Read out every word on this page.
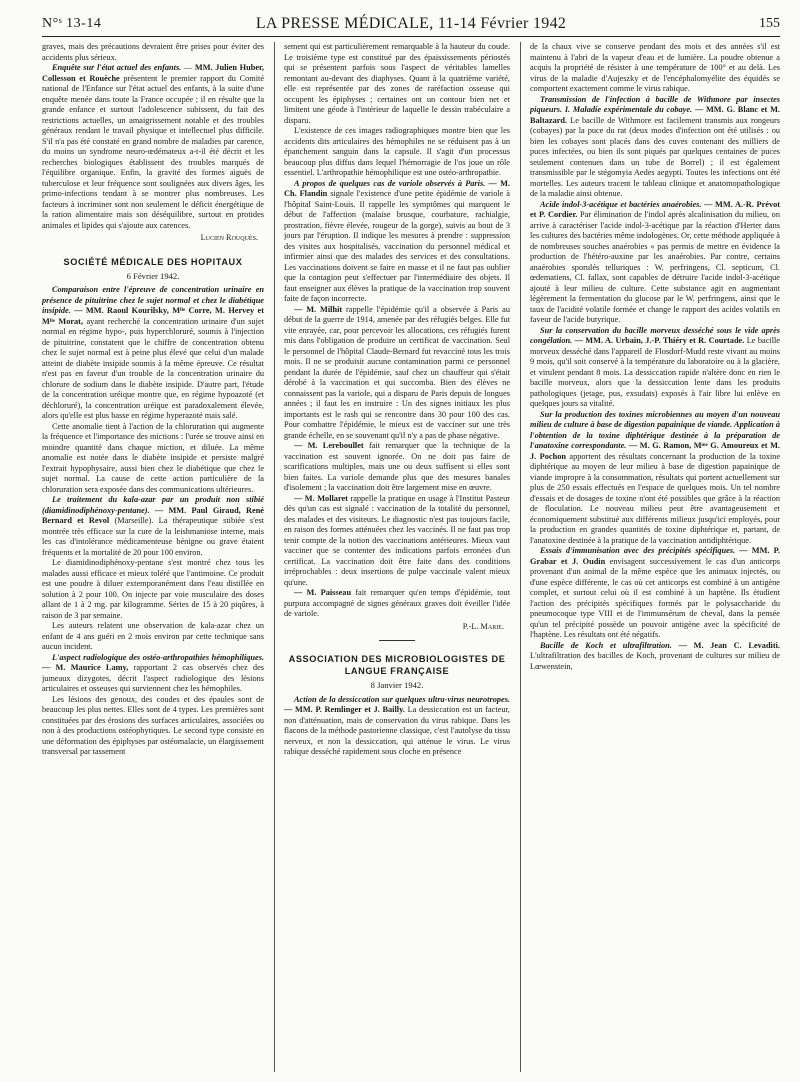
N°ˢ 13-14	LA PRESSE MÉDICALE, 11-14 Février 1942	155

graves, mais des précautions devraient être prises pour éviter des accidents plus sérieux.

Enquête sur l'état actuel des enfants. — MM. Julien Huber, Collesson et Rouèche présentent le premier rapport du Comité national de l'Enfance sur l'état actuel des enfants, à la suite d'une enquête menée dans toute la France occupée ; il en résulte que la grande enfance et surtout l'adolescence subissent, du fait des restrictions actuelles, un amaigrissement notable et des troubles généraux rendant le travail physique et intellectuel plus difficile. S'il n'a pas été constaté en grand nombre de maladies par carence, du moins un syndrome neuro-œdémateux a-t-il été décrit et les recherches biologiques établissent des troubles marqués de l'équilibre organique. Enfin, la gravité des formes aiguës de tuberculose et leur fréquence sont soulignées aux divers âges, les primo-infections tendant à se montrer plus nombreuses. Les facteurs à incriminer sont non seulement le déficit énergétique de la ration alimentaire mais son déséquilibre, surtout en protides animales et lipides qui s'ajoute aux carences.

Lucien Rouquès.

SOCIÉTÉ MÉDICALE DES HOPITAUX
6 Février 1942.

Comparaison entre l'épreuve de concentration urinaire en présence de pituitrine chez le sujet normal et chez le diabétique insipide. — MM. Raoul Kourilsky, Mˡˡᵉ Corre, M. Hervey et Mˡˡᵉ Morat, ayant recherché la concentration urinaire d'un sujet normal en régime hypo-, puis hyperchloruré, soumis à l'injection de pituitrine, constatent que le chiffre de concentration obtenu chez le sujet normal est à peine plus élevé que celui d'un malade atteint de diabète insipide soumis à la même épreuve. Ce résultat n'est pas en faveur d'un trouble de la concentration urinaire du chlorure de sodium dans le diabète insipide. D'autre part, l'étude de la concentration uréique montre que, en régime hypoazoté (et déchloruré), la concentration uréique est paradoxalement élevée, alors qu'elle est plus basse en régime hyperazoté mais salé.

Cette anomalie tient à l'action de la chloruration qui augmente la fréquence et l'importance des mictions : l'urée se trouve ainsi en moindre quantité dans chaque miction, et diluée. La même anomalie est notée dans le diabète insipide et persiste malgré l'extrait hypophysaire, aussi bien chez le diabétique que chez le sujet normal. La cause de cette action particulière de la chloruration sera exposée dans des communications ultérieures.

Le traitement du kala-azar par un produit non stibié (diamidinodiphénoxy-pentane). — MM. Paul Giraud, René Bernard et Revol (Marseille). La thérapeutique stibiée s'est montrée très efficace sur la cure de la leishmaniose interne, mais les cas d'intolérance médicamenteuse bénigne ou grave étaient fréquents et la mortalité de 20 pour 100 environ.

Le diamidinodiphénoxy-pentane s'est montré chez tous les malades aussi efficace et mieux toléré que l'antimoine. Ce produit est une poudre à diluer extemporanément dans l'eau distillée en solution à 2 pour 100. On injecte par voie musculaire des doses allant de 1 à 2 mg. par kilogramme. Séries de 15 à 20 piqûres, à raison de 3 par semaine.

Les auteurs relatent une observation de kala-azar chez un enfant de 4 ans guéri en 2 mois environ par cette technique sans aucun incident.

L'aspect radiologique des ostéo-arthropathies hémophiliques. — M. Maurice Lamy, rapportant 2 cas observés chez des jumeaux dizygotes, décrit l'aspect radiologique des lésions articulaires et osseuses qui surviennent chez les hémophiles.

Les lésions des genoux, des coudes et des épaules sont de beaucoup les plus nettes. Elles sont de 4 types. Les premières sont constituées par des érosions des surfaces articulaires, associées ou non à des productions ostéophytiques. Le second type consiste en une déformation des épiphyses par ostéomalacie, un élargissement transversal par tassement

sement qui est particulièrement remarquable à la hauteur du coude. Le troisième type est constitué par des épaississements périostés qui se présentent parfois sous l'aspect de véritables lamelles remontant au-devant des diaphyses. Quant à la quatrième variété, elle est représentée par des zones de raréfaction osseuse qui occupent les épiphyses ; certaines ont un contour bien net et limitent une géode à l'intérieur de laquelle le dessin trabéculaire a disparu.

L'existence de ces images radiographiques montre bien que les accidents dits articulaires des hémophiles ne se réduisent pas à un épanchement sanguin dans la capsule. Il s'agit d'un processus beaucoup plus diffus dans lequel l'hémorragie de l'os joue un rôle essentiel. L'arthropathie hémophilique est une ostéo-arthropathie.

A propos de quelques cas de variole observés à Paris. — M. Ch. Flandin signale l'existence d'une petite épidémie de variole à l'hôpital Saint-Louis. Il rappelle les symptômes qui marquent le début de l'affection (malaise brusque, courbature, rachialgie, prostration, fièvre élevée, rougeur de la gorge), suivis au bout de 3 jours par l'éruption. Il indique les mesures à prendre : suppression des visites aux hospitalisés, vaccination du personnel médical et infirmier ainsi que des malades des services et des consultations. Les vaccinations doivent se faire en masse et il ne faut pas oublier que la contagion peut s'effectuer par l'intermédiaire des objets. Il faut enseigner aux élèves la pratique de la vaccination trop souvent faite de façon incorrecte.

— M. Milhit rappelle l'épidémie qu'il a observée à Paris au début de la guerre de 1914, amenée par des réfugiés belges. Elle fut vite enrayée, car, pour percevoir les allocations, ces réfugiés furent mis dans l'obligation de produire un certificat de vaccination. Seul le personnel de l'hôpital Claude-Bernard fut revacciné tous les trois mois. Il ne se produisit aucune contamination parmi ce personnel pendant la durée de l'épidémie, sauf chez un chauffeur qui s'était dérobé à la vaccination et qui succomba. Bien des élèves ne connaissent pas la variole, qui a disparu de Paris depuis de longues années ; il faut les en instruire : Un des signes initiaux les plus importants est le rash qui se rencontre dans 30 pour 100 des cas. Pour combattre l'épidémie, le mieux est de vacciner sur une très grande échelle, en se souvenant qu'il n'y a pas de phase négative.

— M. Lereboullet fait remarquer que la technique de la vaccination est souvent ignorée. On ne doit pas faire de scarifications multiples, mais une ou deux suffisent si elles sont bien faites. La variole demande plus que des mesures banales d'isolement ; la vaccination doit être largement mise en œuvre.

— M. Mollaret rappelle la pratique en usage à l'Institut Pasteur dès qu'un cas est signalé : vaccination de la totalité du personnel, des malades et des visiteurs. Le diagnostic n'est pas toujours facile, en raison des formes atténuées chez les vaccinés. Il ne faut pas trop tenir compte de la notion des vaccinations antérieures. Mieux vaut vacciner que se contenter des indications parfois erronées d'un certificat. La vaccination doit être faite dans des conditions irréprochables : deux insertions de pulpe vaccinale valent mieux qu'une.

— M. Paisseau fait remarquer qu'en temps d'épidémie, tout purpura accompagné de signes généraux graves doit éveiller l'idée de variole.

P.-L. Marie.

ASSOCIATION DES MICROBIOLOGISTES DE LANGUE FRANÇAISE
8 Janvier 1942.

Action de la dessiccation sur quelques ultra-virus neurotropes. — MM. P. Remlinger et J. Bailly. La dessiccation est un facteur, non d'atténuation, mais de conservation du virus rabique. Dans les flacons de la méthode pastorienne classique, c'est l'autolyse du tissu nerveux, et non la dessiccation, qui atténue le virus. Le virus rabique desséché rapidement sous cloche en présence

de la chaux vive se conserve pendant des mois et des années s'il est maintenu à l'abri de la vapeur d'eau et de lumière. La poudre obtenue a acquis la propriété de résister à une température de 100° et au delà. Les virus de la maladie d'Aujeszky et de l'encéphalomyélite des équidés se comportent exactement comme le virus rabique.

Transmission de l'infection à bacille de Withmore par insectes piqueurs. I. Maladie expérimentale du cobaye. — MM. G. Blanc et M. Baltazard. Le bacille de Withmore est facilement transmis aux rongeurs (cobayes) par la puce du rat (deux modes d'infection ont été utilisés : ou bien les cobayes sont placés dans des cuves contenant des milliers de puces infectées, ou bien ils sont piqués par quelques centaines de puces seulement contenues dans un tube de Borrel) ; il est également transmissible par le stégomyia Aedes aegypti. Toutes les infections ont été mortelles. Les auteurs tracent le tableau clinique et anatomopathologique de la maladie ainsi obtenue.

Acide indol-3-acétique et bactéries anaérobies. — MM. A.-R. Prévot et P. Cordier. Par élimination de l'indol après alcalinisation du milieu, on arrive à caractériser l'acide indol-3-acétique par la réaction d'Herter dans les cultures des bactéries même indologènes. Or, cette méthode appliquée à de nombreuses souches anaérobies « pas permis de mettre en évidence la production de l'hétéro-auxine par les anaérobies. Par contre, certains anaérobies sporulés telluriques : W. perfringens, Cl. septicum, Cl. œdematiens, Cl. fallax, sont capables de détruire l'acide indol-3-acétique ajouté à leur milieu de culture. Cette substance agit en augmentant légèrement la fermentation du glucose par le W. perfringens, ainsi que le taux de l'acidité volatile formée et change le rapport des acides volatils en faveur de l'acide butyrique.

Sur la conservation du bacille morveux desséché sous le vide après congélation. — MM. A. Urbain, J.-P. Thiéry et R. Courtade. Le bacille morveux desséché dans l'appareil de Flosdorf-Mudd reste vivant au moins 9 mois, qu'il soit conservé à la température du laboratoire ou à la glacière, et virulent pendant 8 mois. La dessiccation rapide n'altère donc en rien le bacille morveux, alors que la dessiccation lente dans les produits pathologiques (jetage, pus, exsudats) exposés à l'air libre lui enlève en quelques jours sa vitalité.

Sur la production des toxines microbiennes au moyen d'un nouveau milieu de culture à base de digestion papainique de viande. Application à l'obtention de la toxine diphtérique destinée à la préparation de l'anatoxine correspondante. — M. G. Ramon, Mᵐᵉ G. Amoureux et M. J. Pochon apportent des résultats concernant la production de la toxine diphtérique au moyen de leur milieu à base de digestion papainique de viande impropre à la consommation, résultats qui portent actuellement sur plus de 250 essais effectués en l'espace de quelques mois. Un tel nombre d'essais et de dosages de toxine n'ont été possibles que grâce à la réaction de floculation. Le nouveau milieu peut être avantageusement et économiquement substitué aux différents milieux jusqu'ici employés, pour la production en grandes quantités de toxine diphtérique et, partant, de l'anatoxine destinée à la pratique de la vaccination antidiphtérique.

Essais d'immunisation avec des précipités spécifiques. — MM. P. Grabar et J. Oudin envisagent successivement le cas d'un anticorps provenant d'un animal de la même espèce que les animaux injectés, ou d'une espèce différente, le cas où cet anticorps est combiné à un antigène complet, et surtout celui où il est combiné à un haptène. Ils étudient l'action des précipités spécifiques formés par le polysaccharide du pneumocoque type VIII et de l'immunsérum de cheval, dans la pensée qu'un tel précipité possède un pouvoir antigène avec la spécificité de l'haptène. Les résultats ont été négatifs.

Bacille de Koch et ultrafiltration. — M. Jean C. Levaditi. L'ultrafiltration des bacilles de Koch, provenant de cultures sur milieu de Lœwenstein,
